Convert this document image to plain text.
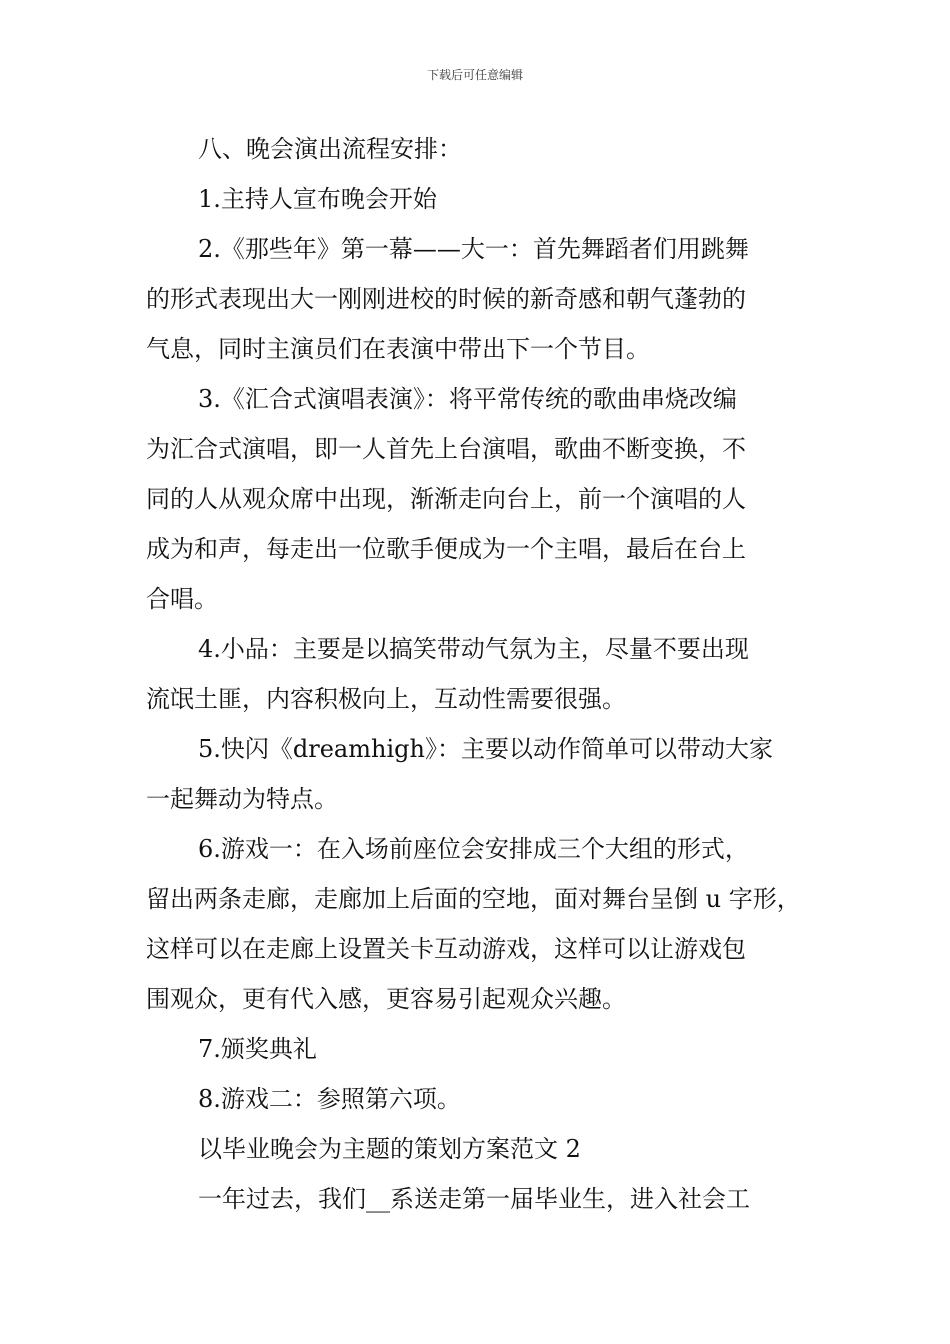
下载后可任意编辑
八、晚会演出流程安排：
1.主持人宣布晚会开始
2.《那些年》第一幕——大一：首先舞蹈者们用跳舞
的形式表现出大一刚刚进校的时候的新奇感和朝气蓬勃的
气息，同时主演员们在表演中带出下一个节目。
3.《汇合式演唱表演》：将平常传统的歌曲串烧改编
为汇合式演唱，即一人首先上台演唱，歌曲不断变换，不
同的人从观众席中出现，渐渐走向台上，前一个演唱的人
成为和声，每走出一位歌手便成为一个主唱，最后在台上
合唱。
4.小品：主要是以搞笑带动气氛为主，尽量不要出现
流氓土匪，内容积极向上，互动性需要很强。
5.快闪《dreamhigh》：主要以动作简单可以带动大家
一起舞动为特点。
6.游戏一：在入场前座位会安排成三个大组的形式，
留出两条走廊，走廊加上后面的空地，面对舞台呈倒 u 字形，
这样可以在走廊上设置关卡互动游戏，这样可以让游戏包
围观众，更有代入感，更容易引起观众兴趣。
7.颁奖典礼
8.游戏二：参照第六项。
以毕业晚会为主题的策划方案范文 2
一年过去，我们__系送走第一届毕业生，进入社会工
